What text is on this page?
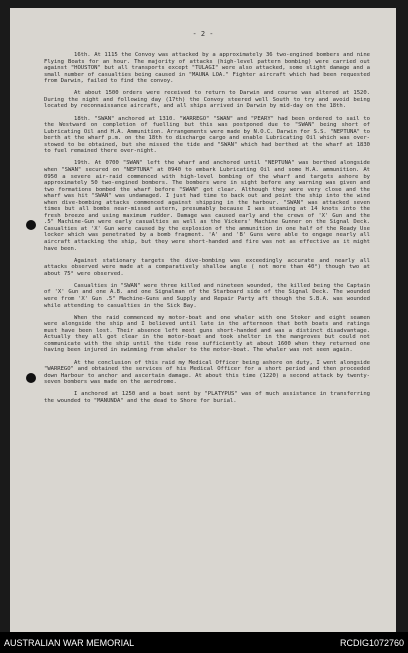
- 2 -

16th. At 1115 the Convoy was attacked by a approximately 36 two-engined bombers and nine Flying Boats for an hour. The majority of attacks (high-level pattern bombing) were carried out against "HOUSTON" but all transports except "TULAGI" were also attacked, some slight damage and a small number of casualties being caused in "MAUNA LOA." Fighter aircraft which had been requested from Darwin, failed to find the convoy.

At about 1500 orders were received to return to Darwin and course was altered at 1520. During the night and following day (17th) the Convoy steered well South to try and avoid being located by reconnaissance aircraft, and all ships arrived in Darwin by mid-day on the 18th.

18th. "SWAN" anchored at 1310. "WARREGO" "SWAN" and "PEARY" had been ordered to sail to the Westward on completion of fuelling but this was postponed due to "SWAN" being short of Lubricating Oil and H.A. Ammunition. Arrangements were made by N.O.C. Darwin for S.S. "NEPTUNA" to berth at the wharf p.m. on the 18th to discharge cargo and enable Lubricating Oil which was over-stowed to be obtained, but she missed the tide and "SWAN" which had berthed at the wharf at 1830 to fuel remained there over-night.

19th. At 0700 "SWAN" left the wharf and anchored until "NEPTUNA" was berthed alongside when "SWAN" secured on "NEPTUNA" at 0940 to embark Lubricating Oil and some H.A. ammunition. At 0950 a severe air-raid commenced with high-level bombing of the wharf and targets ashore by approximately 50 two-engined bombers. The bombers were in sight before any warning was given and two formations bombed the wharf before "SWAN" got clear. Although they were very close and the wharf was hit "SWAN" was undamaged. I just had time to back out and point the ship into the wind when dive-bombing attacks commenced against shipping in the harbour. "SWAN" was attacked seven times but all bombs near-missed astern, presumably because I was steaming at 14 knots into the fresh breeze and using maximum rudder. Damage was caused early and the crews of 'X' Gun and the .5" Machine-Gun were early casualties as well as the Vickers' Machine Gunner on the Signal Deck. Casualties at 'X' Gun were caused by the explosion of the ammunition in one half of the Ready Use locker which was penetrated by a bomb fragment. 'A' and 'B' Guns were able to engage nearly all aircraft attacking the ship, but they were short-handed and fire was not as effective as it might have been.

Against stationary targets the dive-bombing was exceedingly accurate and nearly all attacks observed were made at a comparatively shallow angle ( not more than 40°) though two at about 75° were observed.

Casualties in "SWAN" were three killed and nineteen wounded, the killed being the Captain of 'X' Gun and one A.B. and one Signalman of the Starboard side of the Signal Deck. The wounded were from 'X' Gun .5" Machine-Guns and Supply and Repair Party aft though the S.B.A. was wounded while attending to casualties in the Sick Bay.

When the raid commenced my motor-boat and one whaler with one Stoker and eight seamen were alongside the ship and I believed until late in the afternoon that both boats and ratings must have been lost. Their absence left most guns short-handed and was a distinct disadvantage. Actually they all got clear in the motor-boat and took shelter in the mangroves but could not communicate with the ship until the tide rose sufficiently at about 1600 when they returned one having been injured in swimming from whaler to the motor-boat. The whaler was not seen again.

At the conclusion of this raid my Medical Officer being ashore on duty, I went alongside "WARREGO" and obtained the services of his Medical Officer for a short period and then proceeded down Harbour to anchor and ascertain damage. At about this time (1220) a second attack by twenty-seven bombers was made on the aerodrome.

I anchored at 1250 and a boat sent by "PLATYPUS" was of much assistance in transferring the wounded to "MANUNDA" and the dead to Shore for burial.

AUSTRALIAN WAR MEMORIAL	RCDIG1072760
